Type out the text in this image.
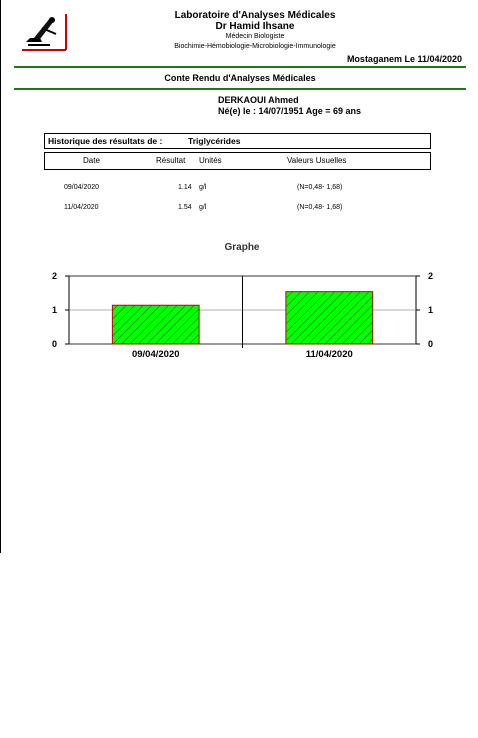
Laboratoire d'Analyses Médicales
Dr Hamid Ihsane
Médecin Biologiste
Biochimie-Hémobiologie-Microbiologie-Immunologie
Mostaganem Le 11/04/2020
Conte Rendu d'Analyses Médicales
DERKAOUI Ahmed
Né(e) le : 14/07/1951 Age = 69 ans
Historique des résultats de :	Triglycérides
Date	Résultat Unités	Valeurs Usuelles
09/04/2020	1.14 g/l	(N=0,48- 1,68)
11/04/2020	1.54 g/l	(N=0,48- 1,68)
Graphe
0	0
1	1
2	2
09/04/2020	11/04/2020
